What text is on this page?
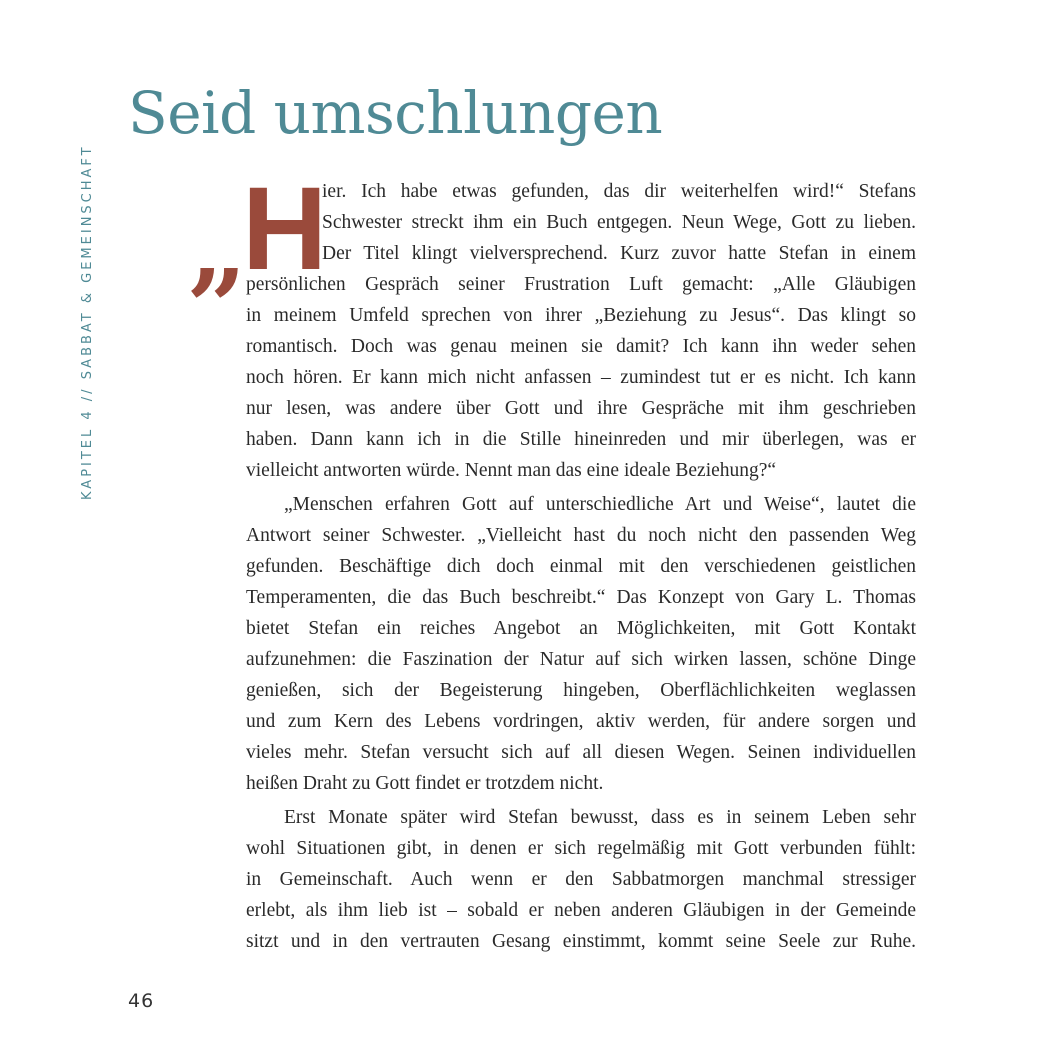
KAPITEL 4 // SABBAT & GEMEINSCHAFT
Seid umschlungen
„
H
ier. Ich habe etwas gefunden, das dir weiterhelfen wird!“ Stefans
Schwester streckt ihm ein Buch entgegen. Neun Wege, Gott zu lieben.
Der Titel klingt vielversprechend. Kurz zuvor hatte Stefan in einem
persönlichen Gespräch seiner Frustration Luft gemacht: „Alle Gläubigen
in meinem Umfeld sprechen von ihrer „Beziehung zu Jesus“. Das klingt so
romantisch. Doch was genau meinen sie damit? Ich kann ihn weder sehen
noch hören. Er kann mich nicht anfassen – zumindest tut er es nicht. Ich kann
nur lesen, was andere über Gott und ihre Gespräche mit ihm geschrieben
haben. Dann kann ich in die Stille hineinreden und mir überlegen, was er
vielleicht antworten würde. Nennt man das eine ideale Beziehung?“
„Menschen erfahren Gott auf unterschiedliche Art und Weise“, lautet die
Antwort seiner Schwester. „Vielleicht hast du noch nicht den passenden Weg
gefunden. Beschäftige dich doch einmal mit den verschiedenen geistlichen
Temperamenten, die das Buch beschreibt.“ Das Konzept von Gary L. Thomas
bietet Stefan ein reiches Angebot an Möglichkeiten, mit Gott Kontakt
aufzunehmen: die Faszination der Natur auf sich wirken lassen, schöne Dinge
genießen, sich der Begeisterung hingeben, Oberflächlichkeiten weglassen
und zum Kern des Lebens vordringen, aktiv werden, für andere sorgen und
vieles mehr. Stefan versucht sich auf all diesen Wegen. Seinen individuellen
heißen Draht zu Gott findet er trotzdem nicht.
Erst Monate später wird Stefan bewusst, dass es in seinem Leben sehr
wohl Situationen gibt, in denen er sich regelmäßig mit Gott verbunden fühlt:
in Gemeinschaft. Auch wenn er den Sabbatmorgen manchmal stressiger
erlebt, als ihm lieb ist – sobald er neben anderen Gläubigen in der Gemeinde
sitzt und in den vertrauten Gesang einstimmt, kommt seine Seele zur Ruhe.
46
